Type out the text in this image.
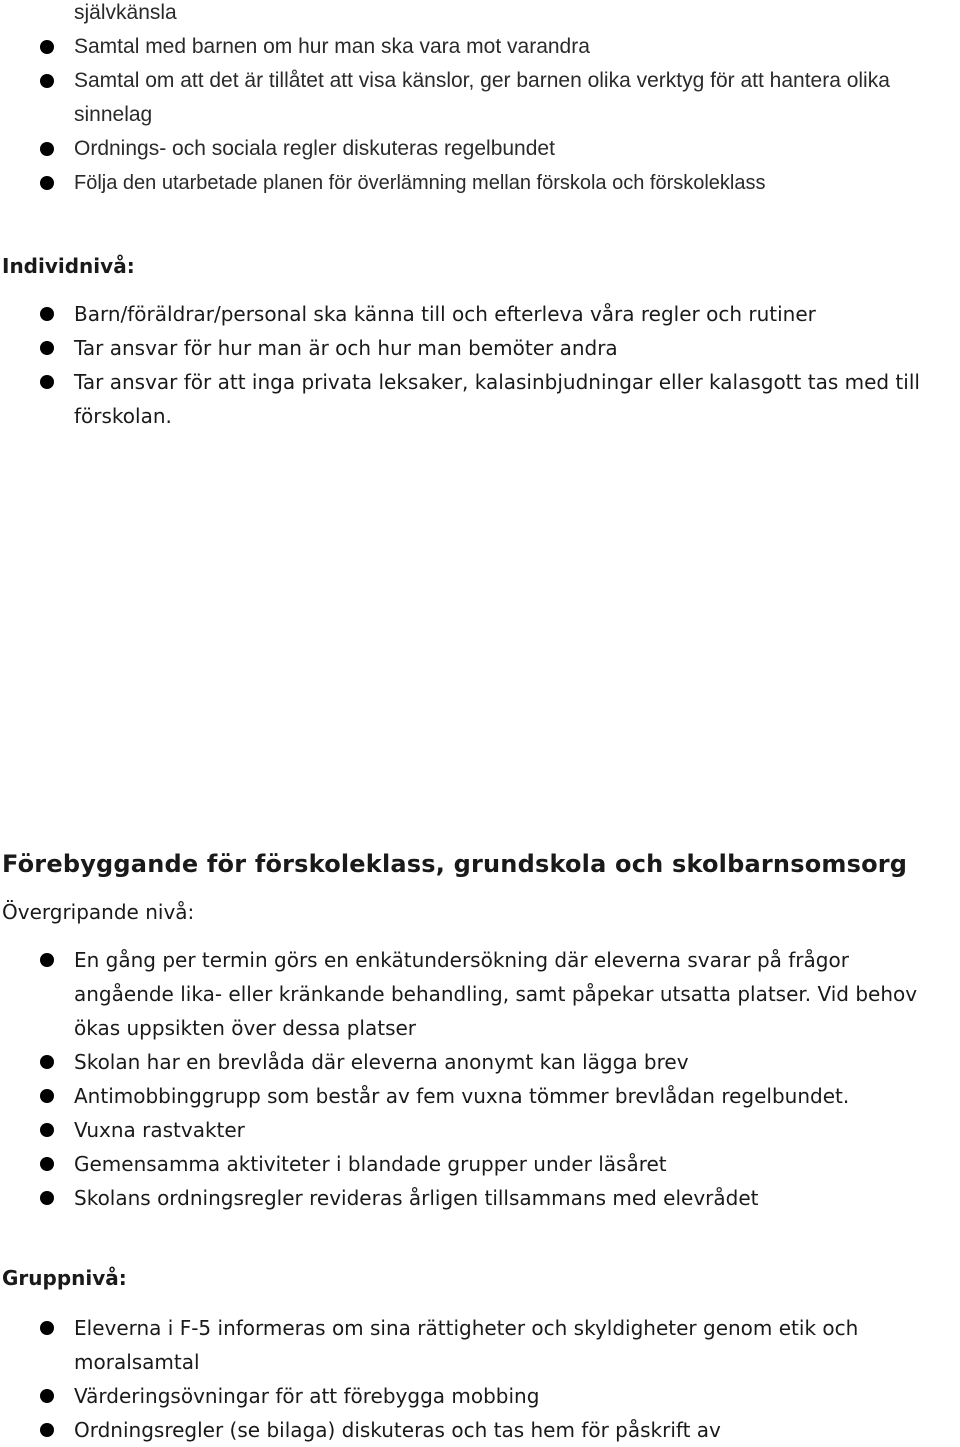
självkänsla
Samtal med barnen om hur man ska vara mot varandra
Samtal om att det är tillåtet att visa känslor, ger barnen olika verktyg för att hantera olika sinnelag
Ordnings- och sociala regler diskuteras regelbundet
Följa den utarbetade planen för överlämning mellan förskola och förskoleklass
Individnivå:
Barn/föräldrar/personal ska känna till och efterleva våra regler och rutiner
Tar ansvar för hur man är och hur man bemöter andra
Tar ansvar för att inga privata leksaker, kalasinbjudningar eller kalasgott tas med till förskolan.
Förebyggande för förskoleklass, grundskola och skolbarnsomsorg
Övergripande nivå:
En gång per termin görs en enkätundersökning där eleverna svarar på frågor angående lika- eller kränkande behandling, samt påpekar utsatta platser. Vid behov ökas uppsikten över dessa platser
Skolan har en brevlåda där eleverna anonymt kan lägga brev
Antimobbinggrupp som består av fem vuxna tömmer brevlådan regelbundet.
Vuxna rastvakter
Gemensamma aktiviteter i blandade grupper under läsåret
Skolans ordningsregler revideras årligen tillsammans med elevrådet
Gruppnivå:
Eleverna i F-5 informeras om sina rättigheter och skyldigheter genom etik och moralsamtal
Värderingsövningar för att förebygga mobbing
Ordningsregler (se bilaga) diskuteras och tas hem för påskrift av
